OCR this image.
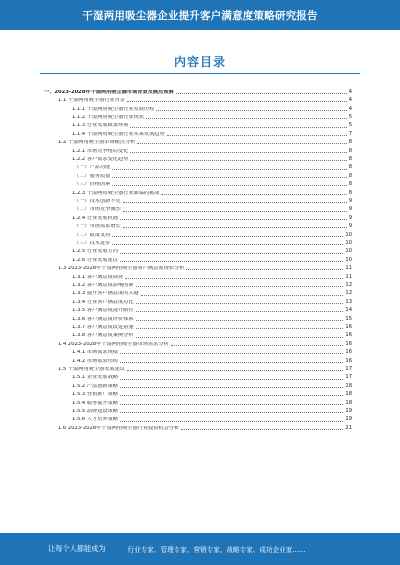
干湿两用吸尘器企业提升客户满意度策略研究报告
内容目录
一、2023-2028年干湿两用吸尘器市场背景及痛点预测	4
1.1 干湿两用吸尘器行业背景	4
1.1.1 干湿两用吸尘器行业发展历程	4
1.1.2 干湿两用吸尘器行业现状	5
1.1.3 行业发展政策环境	5
1.1.4 干湿两用吸尘器行业未来发展趋势	7
1.2 干湿两用吸尘器市场痛点分析	8
1.2.1 市场竞争格局变化	8
1.2.2 客户需求变化趋势	8
（一）产品功能	8
（二）服务质量	8
（三）价格因素	8
1.2.3 干湿两用吸尘器行业面临的挑战	8
（一）技术创新不足	9
（二）市场竞争激烈	9
1.2.4 行业发展机遇	9
（一）市场需求增长	9
（二）政策支持	10
（三）技术进步	10
1.2.5 行业发展方向	10
1.2.6 行业发展建议	10
1.3 2023-2028年干湿两用吸尘器客户满意度现状分析	11
1.3.1 客户满意度调查	11
1.3.2 客户满意度影响因素	12
1.3.3 提升客户满意度的关键	12
1.3.4 行业客户满意度对比	13
1.3.5 客户满意度提升路径	14
1.3.6 客户满意度评价体系	15
1.3.7 客户满意度改进措施	16
1.3.8 客户满意度案例分析	16
1.4 2023-2028年干湿两用吸尘器市场需求分析	16
1.4.1 市场需求规模	16
1.4.2 市场需求结构	16
1.5 干湿两用吸尘器发展建议	17
1.5.1 企业发展战略	17
1.5.2 产品创新策略	18
1.5.3 营销推广策略	18
1.5.4 服务提升策略	18
1.5.5 品牌建设策略	19
1.5.6 人才培养策略	19
1.6 2023-2028年干湿两用吸尘器行业投资机会分析	21
让每个人都能成为	行业专家、管理专家、营销专家、战略专家、成功企业家……
